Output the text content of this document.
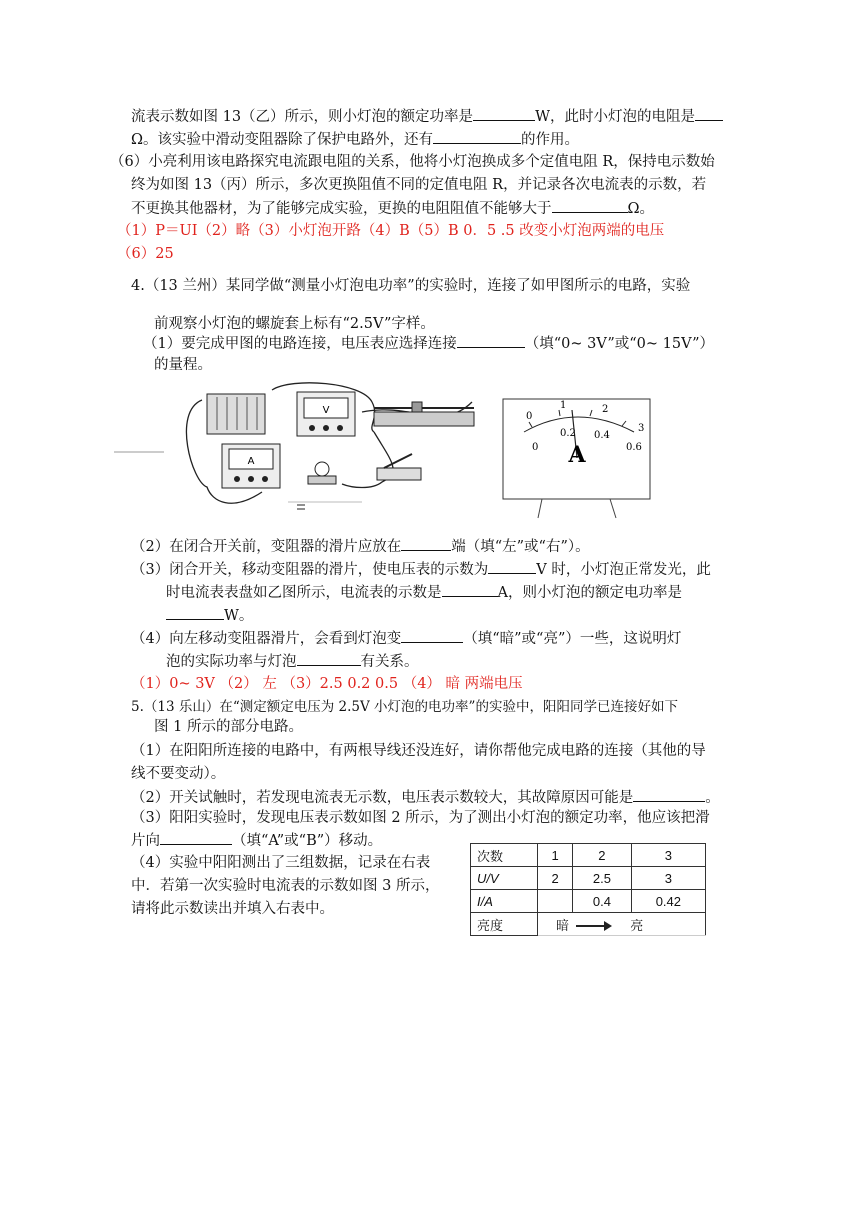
流表示数如图 13（乙）所示，则小灯泡的额定功率是	W，此时小灯泡的电阻是
Ω。该实验中滑动变阻器除了保护电路外，还有	的作用。
（6）小亮利用该电路探究电流跟电阻的关系，他将小灯泡换成多个定值电阻 R，保持电示数始
终为如图 13（丙）所示，多次更换阻值不同的定值电阻 R，并记录各次电流表的示数，若
不更换其他器材，为了能够完成实验，更换的电阻阻值不能够大于	Ω。
（1）P＝UI（2）略（3）小灯泡开路（4）B（5）B 0．5 .5 改变小灯泡两端的电压
（6）25
4.（13 兰州）某同学做“测量小灯泡电功率”的实验时，连接了如甲图所示的电路，实验
前观察小灯泡的螺旋套上标有“2.5V”字样。
（1）要完成甲图的电路连接，电压表应选择连接	（填“0~ 3V”或“0~ 15V”）
的量程。
V
A
0
1	2
3
0
0.2 0.4
0.6
A
（2）在闭合开关前，变阻器的滑片应放在	端（填“左”或“右”）。
（3）闭合开关，移动变阻器的滑片，使电压表的示数为	V 时，小灯泡正常发光，此
时电流表表盘如乙图所示，电流表的示数是	A，则小灯泡的额定电功率是
W。
（4）向左移动变阻器滑片，会看到灯泡变	（填“暗”或“亮”）一些，这说明灯
泡的实际功率与灯泡	有关系。
（1）0~ 3V （2） 左 （3）2.5 0.2 0.5 （4） 暗 两端电压
5.（13 乐山）在“测定额定电压为 2.5V 小灯泡的电功率”的实验中，阳阳同学已连接好如下
图 1 所示的部分电路。
（1）在阳阳所连接的电路中，有两根导线还没连好，请你帮他完成电路的连接（其他的导
线不要变动）。
（2）开关试触时，若发现电流表无示数，电压表示数较大，其故障原因可能是	。
（3）阳阳实验时，发现电压表示数如图 2 所示，为了测出小灯泡的额定功率，他应该把滑
片向	（填“A”或“B”）移动。
（4）实验中阳阳测出了三组数据，记录在右表
中．若第一次实验时电流表的示数如图 3 所示，
请将此示数读出并填入右表中。
次数	1	2	3
U/V	2	2.5	3
I/A		0.4	0.42
亮度	暗 亮		
